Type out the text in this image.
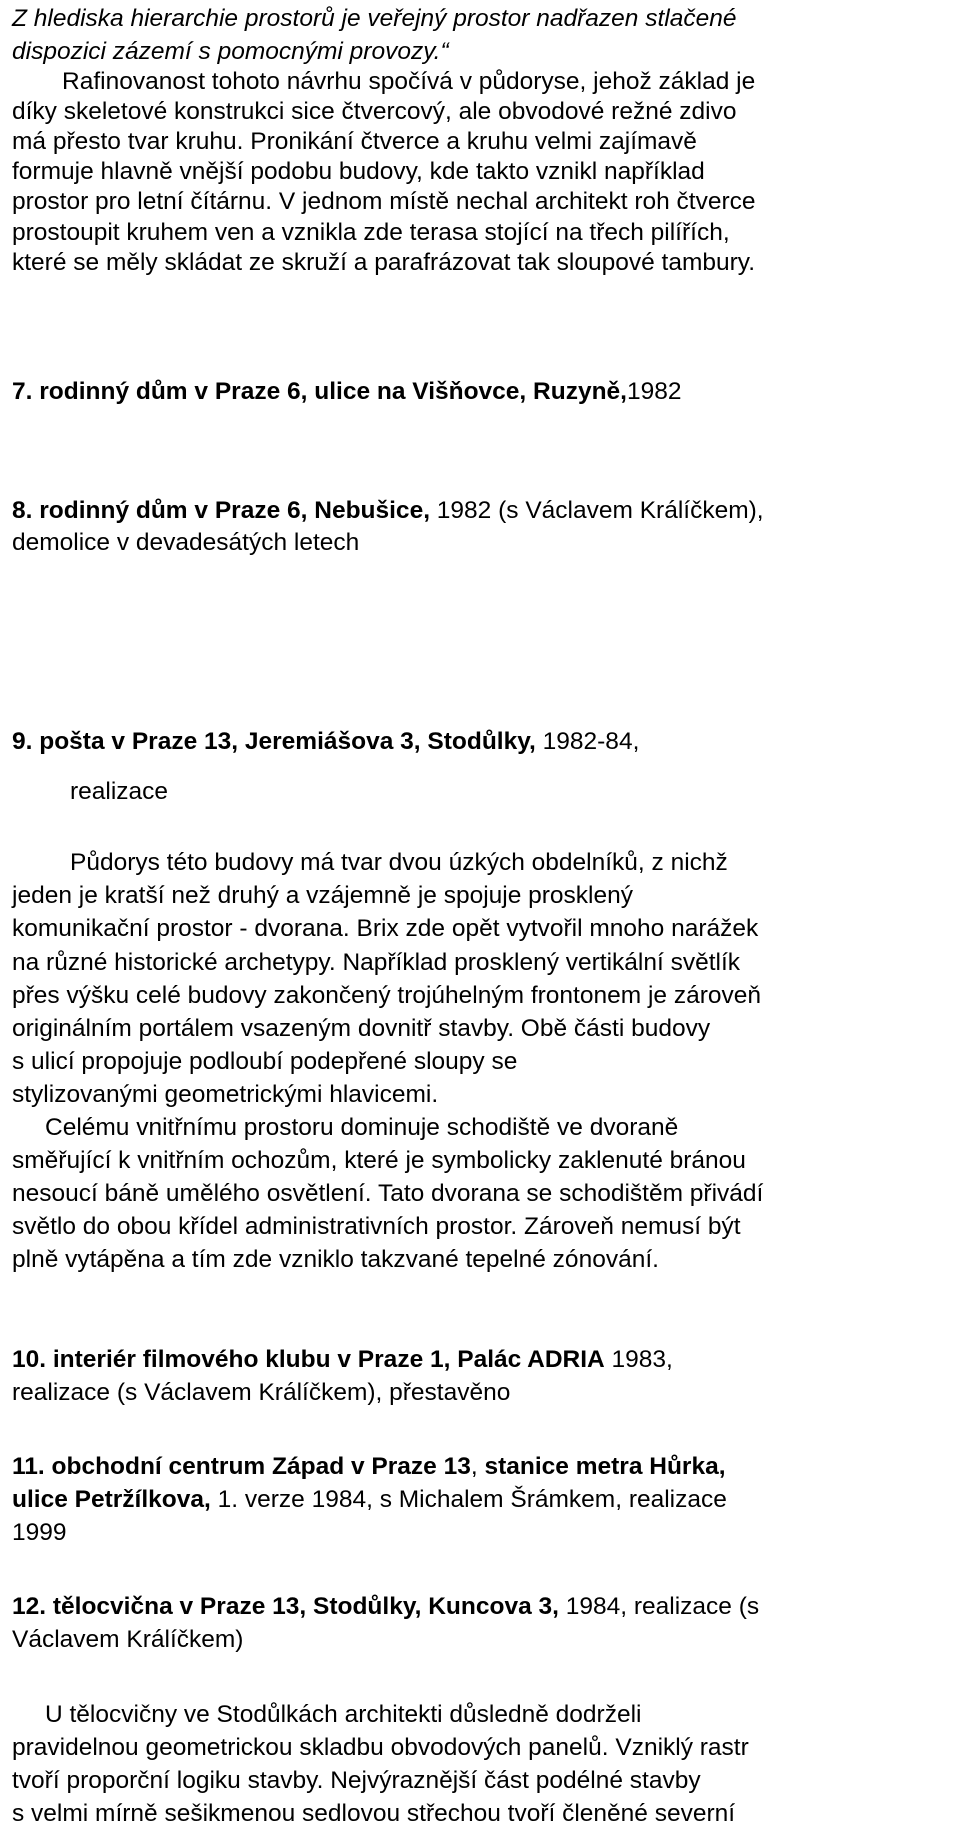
Z hlediska hierarchie prostorů je veřejný prostor nadřazen stlačené
dispozici zázemí s pomocnými provozy.“
Rafinovanost tohoto návrhu spočívá v půdoryse, jehož základ je
díky skeletové konstrukci sice čtvercový, ale obvodové režné zdivo
má přesto tvar kruhu. Pronikání čtverce a kruhu velmi zajímavě
formuje hlavně vnější podobu budovy, kde takto vznikl například
prostor pro letní čítárnu. V jednom místě nechal architekt roh čtverce
prostoupit kruhem ven a vznikla zde terasa stojící na třech pilířích,
které se měly skládat ze skruží a parafrázovat tak sloupové tambury.
7. rodinný dům v Praze 6, ulice na Višňovce, Ruzyně,1982
8. rodinný dům v Praze 6, Nebušice, 1982 (s Václavem Králíčkem),
demolice v devadesátých letech
9. pošta v Praze 13, Jeremiášova 3, Stodůlky, 1982-84,
realizace
Půdorys této budovy má tvar dvou úzkých obdelníků, z nichž
jeden je kratší než druhý a vzájemně je spojuje prosklený
komunikační prostor - dvorana. Brix zde opět vytvořil mnoho narážek
na různé historické archetypy. Například prosklený vertikální světlík
přes výšku celé budovy zakončený trojúhelným frontonem je zároveň
originálním portálem vsazeným dovnitř stavby. Obě části budovy
s ulicí propojuje podloubí podepřené sloupy se
stylizovanými geometrickými hlavicemi.
Celému vnitřnímu prostoru dominuje schodiště ve dvoraně
směřující k vnitřním ochozům, které je symbolicky zaklenuté bránou
nesoucí báně umělého osvětlení. Tato dvorana se schodištěm přivádí
světlo do obou křídel administrativních prostor. Zároveň nemusí být
plně vytápěna a tím zde vzniklo takzvané tepelné zónování.
10. interiér filmového klubu v Praze 1, Palác ADRIA 1983,
realizace (s Václavem Králíčkem), přestavěno
11. obchodní centrum Západ v Praze 13, stanice metra Hůrka,
ulice Petržílkova, 1. verze 1984, s Michalem Šrámkem, realizace
1999
12. tělocvična v Praze 13, Stodůlky, Kuncova 3, 1984, realizace (s
Václavem Králíčkem)
U tělocvičny ve Stodůlkách architekti důsledně dodrželi
pravidelnou geometrickou skladbu obvodových panelů. Vzniklý rastr
tvoří proporční logiku stavby. Nejvýraznější část podélné stavby
s velmi mírně sešikmenou sedlovou střechou tvoří členěné severní
